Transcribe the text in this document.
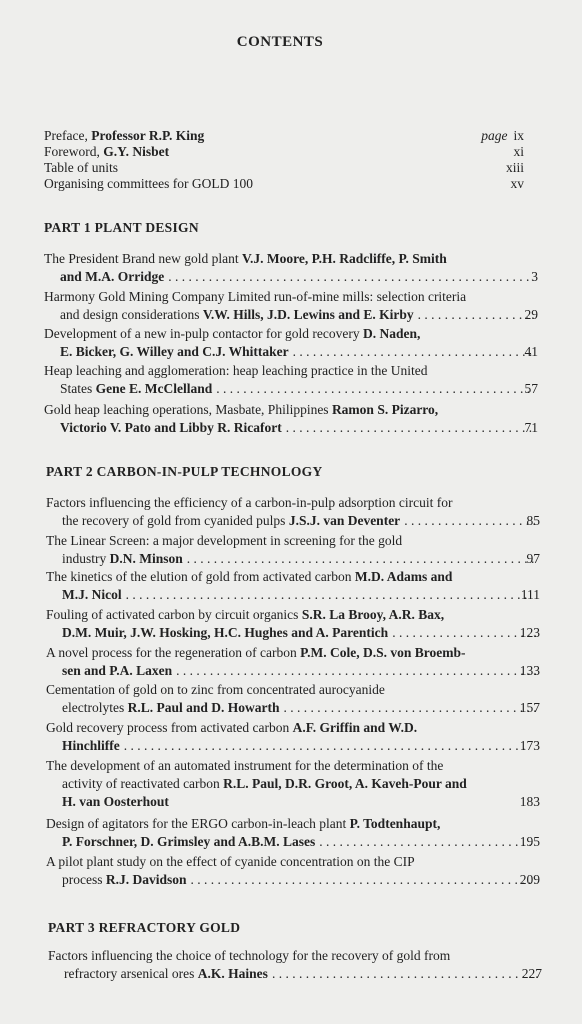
CONTENTS
Preface, Professor R.P. King	page ix
Foreword, G.Y. Nisbet	xi
Table of units	xiii
Organising committees for GOLD 100	xv
PART 1 PLANT DESIGN
The President Brand new gold plant V.J. Moore, P.H. Radcliffe, P. Smith
and M.A. Orridge . . .	3
Harmony Gold Mining Company Limited run-of-mine mills: selection criteria
and design considerations V.W. Hills, J.D. Lewins and E. Kirby . . .	29
Development of a new in-pulp contactor for gold recovery D. Naden,
E. Bicker, G. Willey and C.J. Whittaker . . .	41
Heap leaching and agglomeration: heap leaching practice in the United
States Gene E. McClelland . . .	57
Gold heap leaching operations, Masbate, Philippines Ramon S. Pizarro,
Victorio V. Pato and Libby R. Ricafort . . .	71
Factors influencing the efficiency of a carbon-in-pulp adsorption circuit for
the recovery of gold from cyanided pulps J.S.J. van Deventer . . .	85
The Linear Screen: a major development in screening for the gold
industry D.N. Minson . . .	97
The kinetics of the elution of gold from activated carbon M.D. Adams and
M.J. Nicol . . .	111
Fouling of activated carbon by circuit organics S.R. La Brooy, A.R. Bax,
D.M. Muir, J.W. Hosking, H.C. Hughes and A. Parentich . . .	123
A novel process for the regeneration of carbon P.M. Cole, D.S. von Broemb-
sen and P.A. Laxen . . .	133
Cementation of gold on to zinc from concentrated aurocyanide
electrolytes R.L. Paul and D. Howarth . . .	157
Gold recovery process from activated carbon A.F. Griffin and W.D.
Hinchliffe . . .	173
The development of an automated instrument for the determination of the
activity of reactivated carbon R.L. Paul, D.R. Groot, A. Kaveh-Pour and
H. van Oosterhout	183
Design of agitators for the ERGO carbon-in-leach plant P. Todtenhaupt,
P. Forschner, D. Grimsley and A.B.M. Lases . . .	195
A pilot plant study on the effect of cyanide concentration on the CIP
process R.J. Davidson . . .	209
Factors influencing the choice of technology for the recovery of gold from
refractory arsenical ores A.K. Haines . . .	227
PART 2 CARBON-IN-PULP TECHNOLOGY
PART 3 REFRACTORY GOLD
